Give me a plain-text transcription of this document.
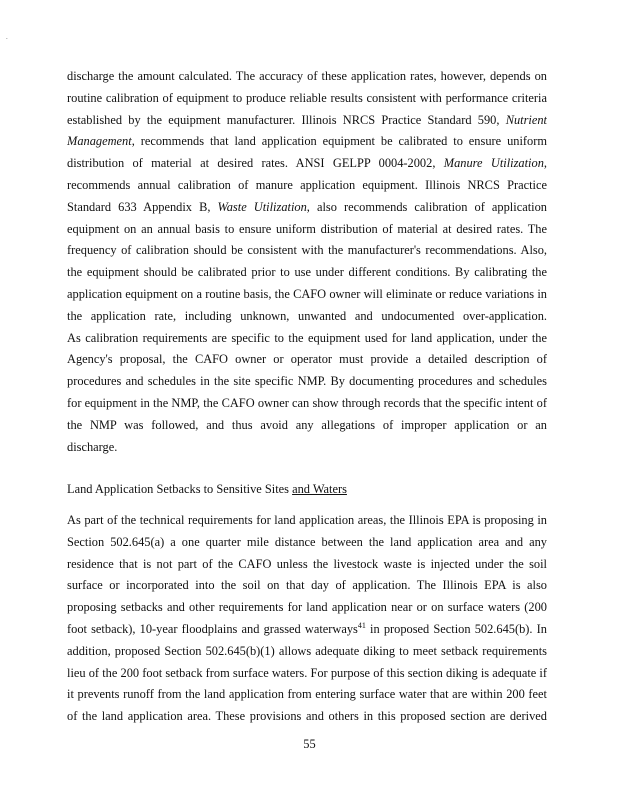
.
discharge the amount calculated. The accuracy of these application rates, however, depends on
routine calibration of equipment to produce reliable results consistent with performance criteria
established by the equipment manufacturer. Illinois NRCS Practice Standard 590, Nutrient
Management, recommends that land application equipment be calibrated to ensure uniform
distribution of material at desired rates. ANSI GELPP 0004-2002, Manure Utilization,
recommends annual calibration of manure application equipment. Illinois NRCS Practice
Standard 633 Appendix B, Waste Utilization, also recommends calibration of application
equipment on an annual basis to ensure uniform distribution of material at desired rates. The
frequency of calibration should be consistent with the manufacturer's recommendations. Also,
the equipment should be calibrated prior to use under different conditions. By calibrating the
application equipment on a routine basis, the CAFO owner will eliminate or reduce variations in
the application rate, including unknown, unwanted and undocumented over-application.
As calibration requirements are specific to the equipment used for land application, under the
Agency's proposal, the CAFO owner or operator must provide a detailed description of
procedures and schedules in the site specific NMP. By documenting procedures and schedules
for equipment in the NMP, the CAFO owner can show through records that the specific intent of
the NMP was followed, and thus avoid any allegations of improper application or an
discharge.
Land Application Setbacks to Sensitive Sites and Waters
As part of the technical requirements for land application areas, the Illinois EPA is proposing in
Section 502.645(a) a one quarter mile distance between the land application area and any
residence that is not part of the CAFO unless the livestock waste is injected under the soil
surface or incorporated into the soil on that day of application. The Illinois EPA is also
proposing setbacks and other requirements for land application near or on surface waters (200
foot setback), 10-year floodplains and grassed waterways$^{41}$ in proposed Section 502.645(b). In
addition, proposed Section 502.645(b)(1) allows adequate diking to meet setback requirements
lieu of the 200 foot setback from surface waters. For purpose of this section diking is adequate if
it prevents runoff from the land application from entering surface water that are within 200 feet
of the land application area. These provisions and others in this proposed section are derived
55
